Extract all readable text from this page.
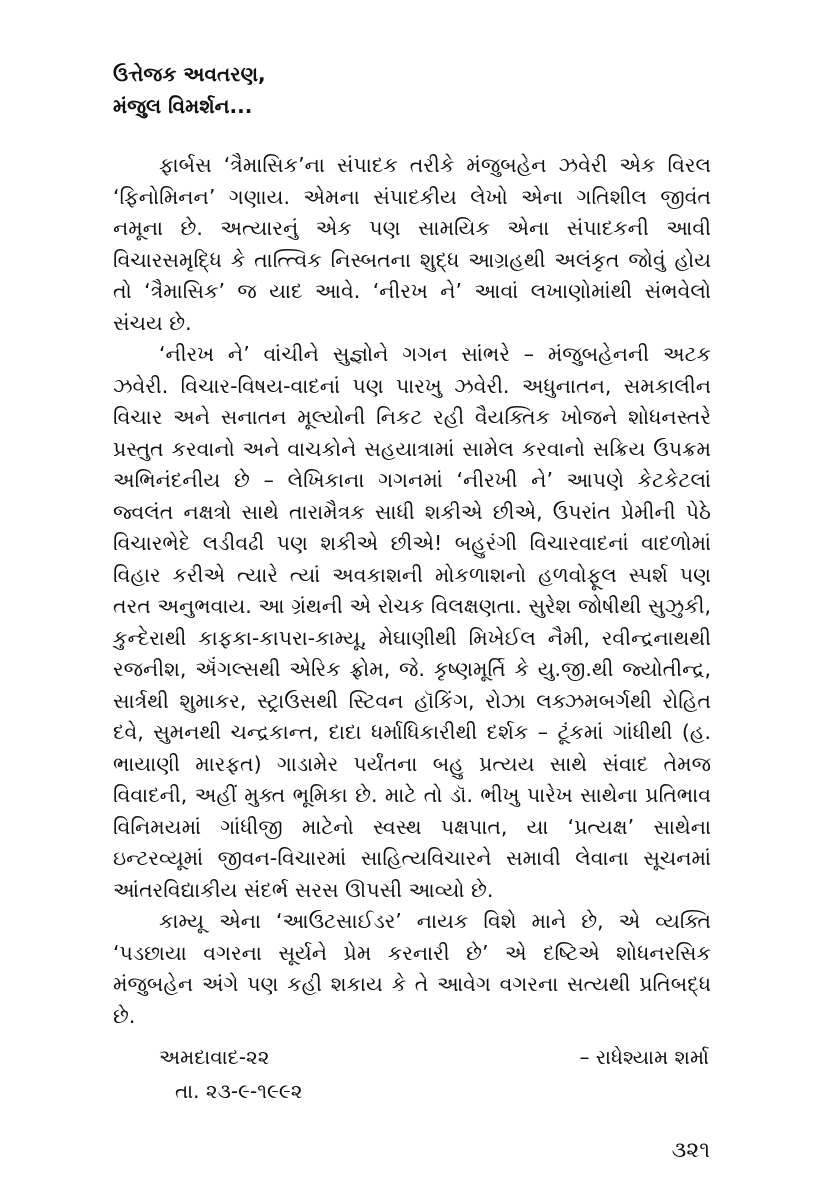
ઉત્તેજક અવતરણ,
મંજુલ વિમર્શન...

ફાર્બસ ‘ત્રૈમાસિક’ના સંપાદક તરીકે મંજુબહેન ઝવેરી એક વિરલ ‘ફિનોમિનન’ ગણાય. એમના સંપાદકીય લેખો એના ગતિશીલ જીવંત નમૂના છે. અત્યારનું એક પણ સામયિક એના સંપાદકની આવી વિચારસમૃદ્ધિ કે તાત્ત્વિક નિસ્બતના શુદ્ધ આગ્રહથી અલંકૃત જોવું હોય તો ‘ત્રૈમાસિક’ જ યાદ આવે. ‘નીરખ ને’ આવાં લખાણોમાંથી સંભવેલો સંચય છે.

‘નીરખ ને’ વાંચીને સુજ્ઞોને ગગન સાંભરે – મંજુબહેનની અટક ઝવેરી. વિચાર-વિષય-વાદનાં પણ પારખુ ઝવેરી. અધુનાતન, સમકાલીન વિચાર અને સનાતન મૂલ્યોની નિકટ રહી વૈયક્તિક ખોજને શોધનસ્તરે પ્રસ્તુત કરવાનો અને વાચકોને સહયાત્રામાં સામેલ કરવાનો સક્રિય ઉપક્રમ અભિનંદનીય છે – લેખિકાના ગગનમાં ‘નીરખી ને’ આપણે કેટકેટલાં જ્વલંત નક્ષત્રો સાથે તારામૈત્રક સાધી શકીએ છીએ, ઉપરાંત પ્રેમીની પેઠે વિચારભેદે લડીવઢી પણ શકીએ છીએ! બહુરંગી વિચારવાદનાં વાદળોમાં વિહાર કરીએ ત્યારે ત્યાં અવકાશની મોકળાશનો હળવોફૂલ સ્પર્શ પણ તરત અનુભવાય. આ ગ્રંથની એ રોચક વિલક્ષણતા. સુરેશ જોષીથી સુઝુકી, કુન્દેરાથી કાફકા-કાપરા-કામ્યૂ, મેઘાણીથી મિખેઈલ નૈમી, રવીન્દ્રનાથથી રજનીશ, ઍંગલ્સથી એરિક ફ્રોમ, જે. કૃષ્ણમૂર્તિ કે યુ.જી.થી જ્યોતીન્દ્ર, સાર્ત્રથી શુમાકર, સ્ટ્રાઉસથી સ્ટિવન હૉકિંગ, રોઝા લક્ઝમબર્ગથી રોહિત દવે, સુમનથી ચન્દ્રકાન્ત, દાદા ધર્માધિકારીથી દર્શક – ટૂંકમાં ગાંધીથી (હ. ભાયાણી મારફત) ગાડામેર પર્યંતના બહુ પ્રત્યય સાથે સંવાદ તેમજ વિવાદની, અહીં મુક્ત ભૂમિકા છે. માટે તો ડૉ. ભીખુ પારેખ સાથેના પ્રતિભાવ વિનિમયમાં ગાંધીજી માટેનો સ્વસ્થ પક્ષપાત, યા ‘પ્રત્યક્ષ’ સાથેના ઇન્ટરવ્યૂમાં જીવન-વિચારમાં સાહિત્યવિચારને સમાવી લેવાના સૂચનમાં આંતરવિદ્યાકીય સંદર્ભ સરસ ઊપસી આવ્યો છે.

કામ્યૂ એના ‘આઉટસાઈડર’ નાયક વિશે માને છે, એ વ્યક્તિ ‘પડછાયા વગરના સૂર્યને પ્રેમ કરનારી છે’ એ દષ્ટિએ શોધનરસિક મંજુબહેન અંગે પણ કહી શકાય કે તે આવેગ વગરના સત્યથી પ્રતિબદ્ધ છે.

અમદાવાદ-૨૨	– રાધેશ્યામ શર્મા
તા. ૨૩-૯-૧૯૯૨
૩૨૧
